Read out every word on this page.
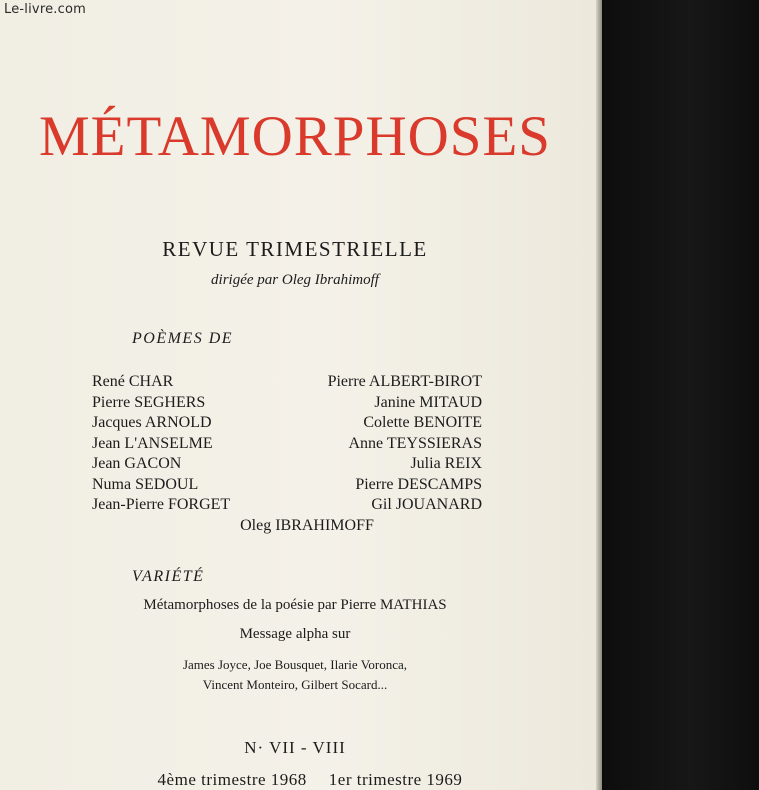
Le-livre.com
MÉTAMORPHOSES
REVUE TRIMESTRIELLE
dirigée par Oleg Ibrahimoff
POÈMES DE
René CHAR	Pierre ALBERT-BIROT
Pierre SEGHERS	Janine MITAUD
Jacques ARNOLD	Colette BENOITE
Jean L'ANSELME	Anne TEYSSIERAS
Jean GACON	Julia REIX
Numa SEDOUL	Pierre DESCAMPS
Jean-Pierre FORGET	Gil JOUANARD
Oleg IBRAHIMOFF
VARIÉTÉ
Métamorphoses de la poésie par Pierre MATHIAS
Message alpha sur
James Joyce, Joe Bousquet, Ilarie Voronca,
Vincent Monteiro, Gilbert Socard...
N· VII - VIII
4ème trimestre 1968 1er trimestre 1969
